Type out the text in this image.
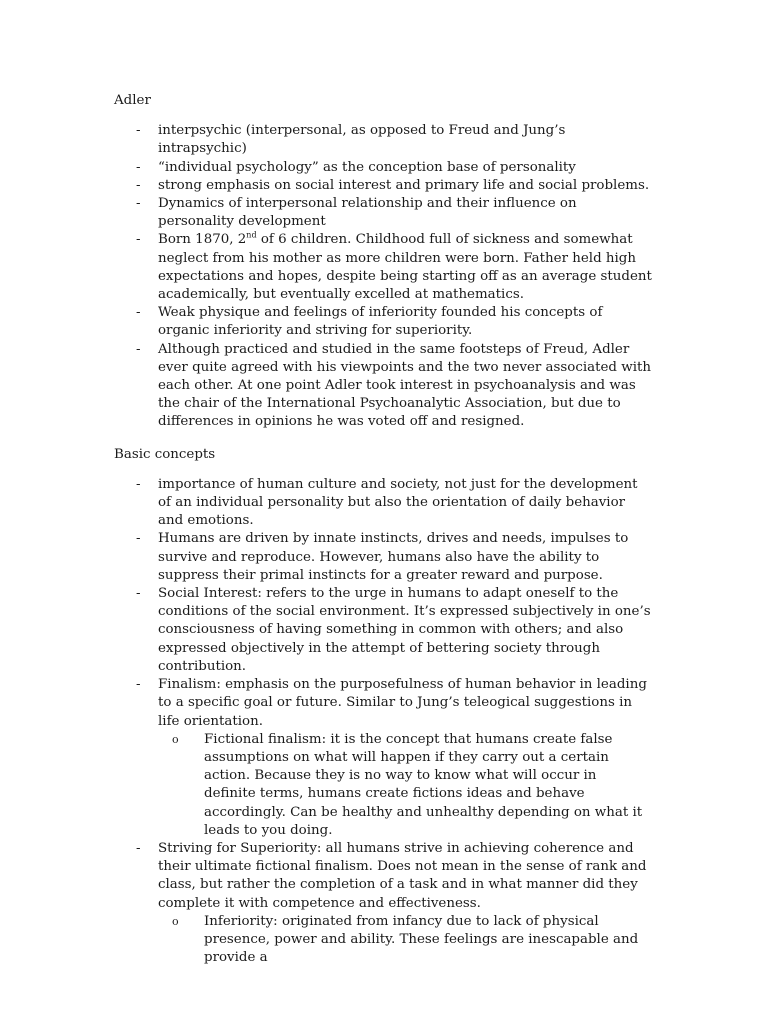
Adler

- interpsychic (interpersonal, as opposed to Freud and Jung’s intrapsychic)
- “individual psychology” as the conception base of personality
- strong emphasis on social interest and primary life and social problems.
- Dynamics of interpersonal relationship and their influence on personality development
- Born 1870, 2nd of 6 children. Childhood full of sickness and somewhat neglect from his mother as more children were born. Father held high expectations and hopes, despite being starting off as an average student academically, but eventually excelled at mathematics.
- Weak physique and feelings of inferiority founded his concepts of organic inferiority and striving for superiority.
- Although practiced and studied in the same footsteps of Freud, Adler ever quite agreed with his viewpoints and the two never associated with each other. At one point Adler took interest in psychoanalysis and was the chair of the International Psychoanalytic Association, but due to differences in opinions he was voted off and resigned.

Basic concepts

- importance of human culture and society, not just for the development of an individual personality but also the orientation of daily behavior and emotions.
- Humans are driven by innate instincts, drives and needs, impulses to survive and reproduce. However, humans also have the ability to suppress their primal instincts for a greater reward and purpose.
- Social Interest: refers to the urge in humans to adapt oneself to the conditions of the social environment. It’s expressed subjectively in one’s consciousness of having something in common with others; and also expressed objectively in the attempt of bettering society through contribution.
- Finalism: emphasis on the purposefulness of human behavior in leading to a specific goal or future. Similar to Jung’s teleogical suggestions in life orientation.
o Fictional finalism: it is the concept that humans create false assumptions on what will happen if they carry out a certain action. Because they is no way to know what will occur in definite terms, humans create fictions ideas and behave accordingly. Can be healthy and unhealthy depending on what it leads to you doing.
- Striving for Superiority: all humans strive in achieving coherence and their ultimate fictional finalism. Does not mean in the sense of rank and class, but rather the completion of a task and in what manner did they complete it with competence and effectiveness.
o Inferiority: originated from infancy due to lack of physical presence, power and ability. These feelings are inescapable and provide a
